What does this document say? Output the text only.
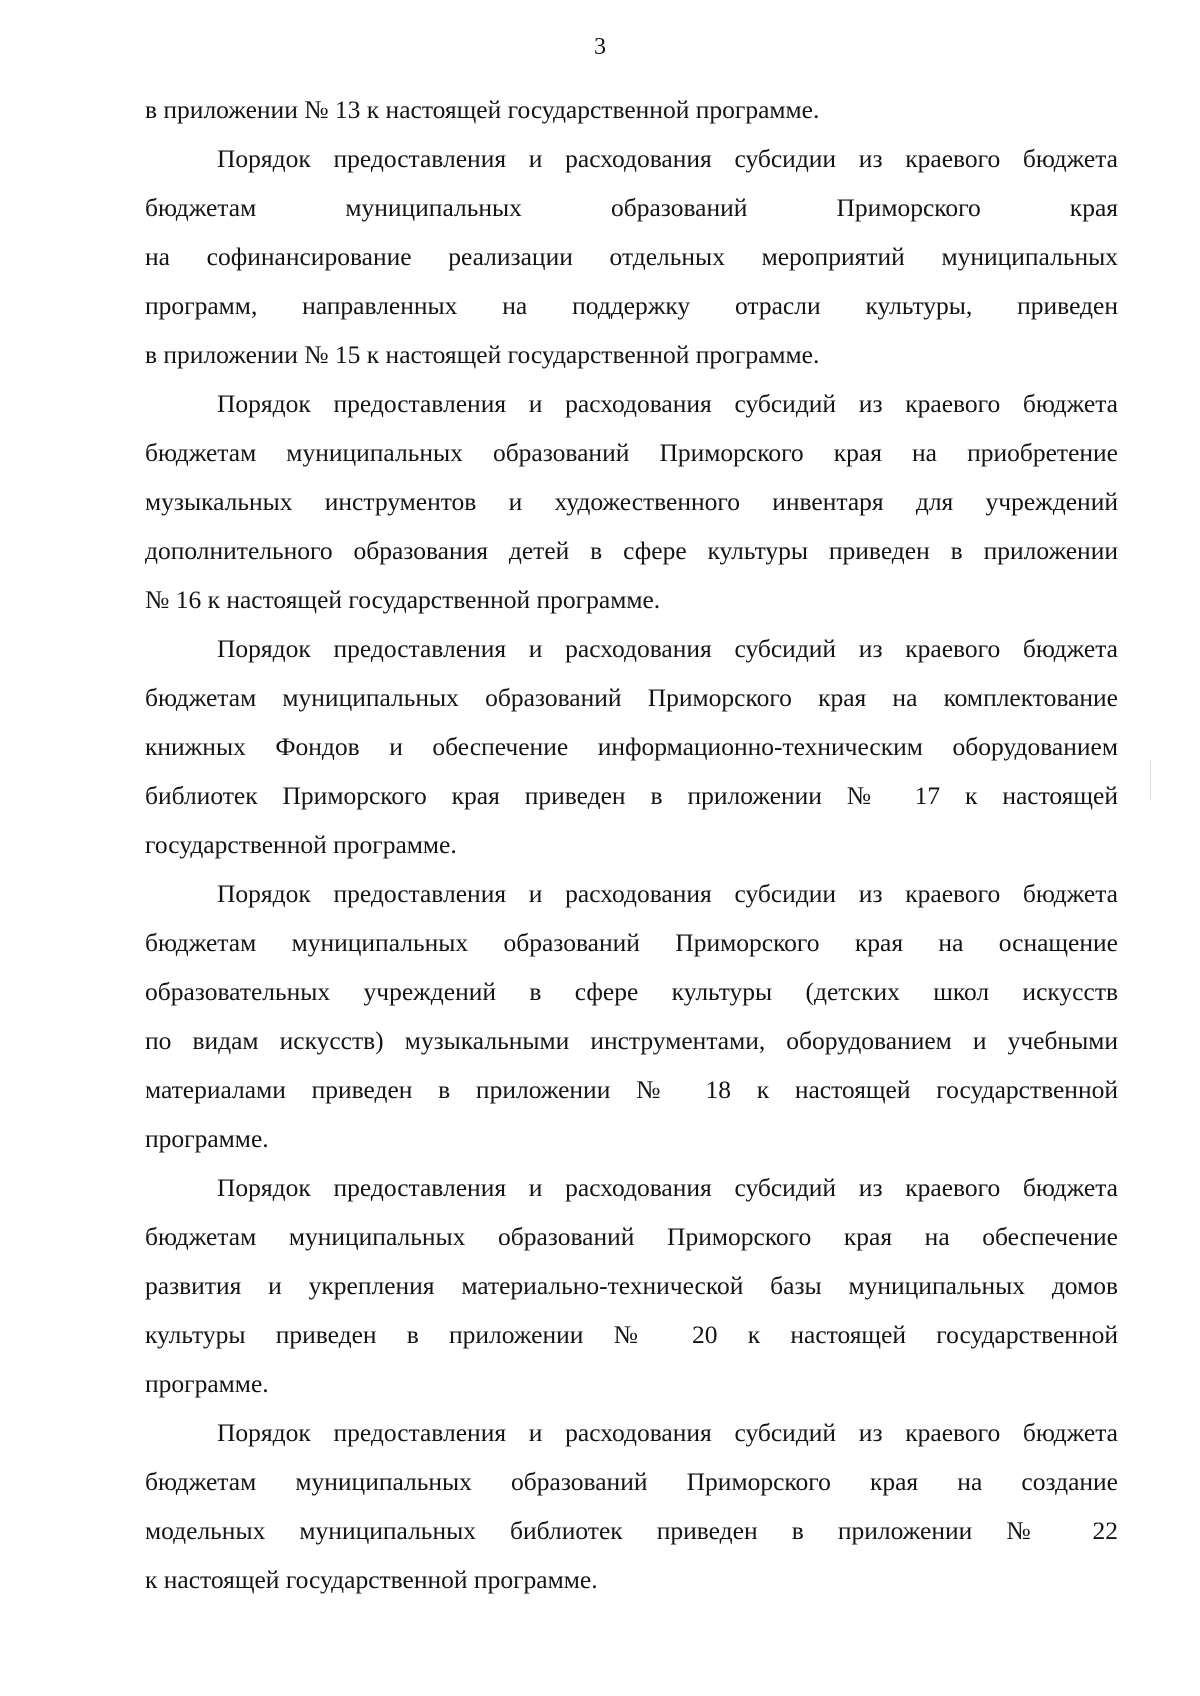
3
в приложении № 13 к настоящей государственной программе.
Порядок предоставления и расходования субсидии из краевого бюджета
бюджетам муниципальных образований Приморского края
на софинансирование реализации отдельных мероприятий муниципальных
программ, направленных на поддержку отрасли культуры, приведен
в приложении № 15 к настоящей государственной программе.
Порядок предоставления и расходования субсидий из краевого бюджета
бюджетам муниципальных образований Приморского края на приобретение
музыкальных инструментов и художественного инвентаря для учреждений
дополнительного образования детей в сфере культуры приведен в приложении
№ 16 к настоящей государственной программе.
Порядок предоставления и расходования субсидий из краевого бюджета
бюджетам муниципальных образований Приморского края на комплектование
книжных Фондов и обеспечение информационно-техническим оборудованием
библиотек Приморского края приведен в приложении № 17 к настоящей
государственной программе.
Порядок предоставления и расходования субсидии из краевого бюджета
бюджетам муниципальных образований Приморского края на оснащение
образовательных учреждений в сфере культуры (детских школ искусств
по видам искусств) музыкальными инструментами, оборудованием и учебными
материалами приведен в приложении № 18 к настоящей государственной
программе.
Порядок предоставления и расходования субсидий из краевого бюджета
бюджетам муниципальных образований Приморского края на обеспечение
развития и укрепления материально-технической базы муниципальных домов
культуры приведен в приложении № 20 к настоящей государственной
программе.
Порядок предоставления и расходования субсидий из краевого бюджета
бюджетам муниципальных образований Приморского края на создание
модельных муниципальных библиотек приведен в приложении № 22
к настоящей государственной программе.
